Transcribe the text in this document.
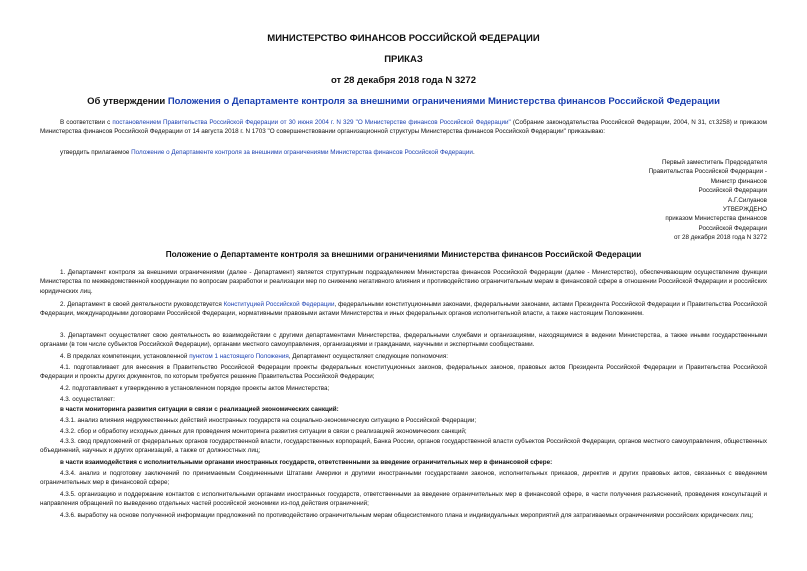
МИНИСТЕРСТВО ФИНАНСОВ РОССИЙСКОЙ ФЕДЕРАЦИИ
ПРИКАЗ
от 28 декабря 2018 года N 3272
Об утверждении Положения о Департаменте контроля за внешними ограничениями Министерства финансов Российской Федерации
В соответствии с постановлением Правительства Российской Федерации от 30 июня 2004 г. N 329 "О Министерстве финансов Российской Федерации" (Собрание законодательства Российской Федерации, 2004, N 31, ст.3258) и приказом Министерства финансов Российской Федерации от 14 августа 2018 г. N 1703 "О совершенствовании организационной структуры Министерства финансов Российской Федерации" приказываю:
утвердить прилагаемое Положение о Департаменте контроля за внешними ограничениями Министерства финансов Российской Федерации.
Первый заместитель Председателя
Правительства Российской Федерации -
Министр финансов
Российской Федерации
А.Г.Силуанов
УТВЕРЖДЕНО
приказом Министерства финансов
Российской Федерации
от 28 декабря 2018 года N 3272
Положение о Департаменте контроля за внешними ограничениями Министерства финансов Российской Федерации
1. Департамент контроля за внешними ограничениями (далее - Департамент) является структурным подразделением Министерства финансов Российской Федерации (далее - Министерство), обеспечивающим осуществление функции Министерства по межведомственной координации по вопросам разработки и реализации мер по снижению негативного влияния и противодействию ограничительным мерам в финансовой сфере в отношении Российской Федерации и российских юридических лиц.
2. Департамент в своей деятельности руководствуется Конституцией Российской Федерации, федеральными конституционными законами, федеральными законами, актами Президента Российской Федерации и Правительства Российской Федерации, международными договорами Российской Федерации, нормативными правовыми актами Министерства и иных федеральных органов исполнительной власти, а также настоящим Положением.
3. Департамент осуществляет свою деятельность во взаимодействии с другими департаментами Министерства, федеральными службами и организациями, находящимися в ведении Министерства, а также иными государственными органами (в том числе субъектов Российской Федерации), органами местного самоуправления, организациями и гражданами, научными и экспертными сообществами.
4. В пределах компетенции, установленной пунктом 1 настоящего Положения, Департамент осуществляет следующие полномочия:
4.1. подготавливает для внесения в Правительство Российской Федерации проекты федеральных конституционных законов, федеральных законов, правовых актов Президента Российской Федерации и Правительства Российской Федерации и проекты других документов, по которым требуется решение Правительства Российской Федерации;
4.2. подготавливает к утверждению в установленном порядке проекты актов Министерства;
4.3. осуществляет:
в части мониторинга развития ситуации в связи с реализацией экономических санкций:
4.3.1. анализ влияния недружественных действий иностранных государств на социально-экономическую ситуацию в Российской Федерации;
4.3.2. сбор и обработку исходных данных для проведения мониторинга развития ситуации в связи с реализацией экономических санкций;
4.3.3. свод предложений от федеральных органов государственной власти, государственных корпораций, Банка России, органов государственной власти субъектов Российской Федерации, органов местного самоуправления, общественных объединений, научных и других организаций, а также от должностных лиц;
в части взаимодействия с исполнительными органами иностранных государств, ответственными за введение ограничительных мер в финансовой сфере:
4.3.4. анализ и подготовку заключений по принимаемым Соединенными Штатами Америки и другими иностранными государствами законов, исполнительных приказов, директив и других правовых актов, связанных с введением ограничительных мер в финансовой сфере;
4.3.5. организацию и поддержание контактов с исполнительными органами иностранных государств, ответственными за введение ограничительных мер в финансовой сфере, в части получения разъяснений, проведения консультаций и направления обращений по выведению отдельных частей российской экономики из-под действия ограничений;
4.3.6. выработку на основе полученной информации предложений по противодействию ограничительным мерам общесистемного плана и индивидуальных мероприятий для затрагиваемых ограничениями российских юридических лиц;
